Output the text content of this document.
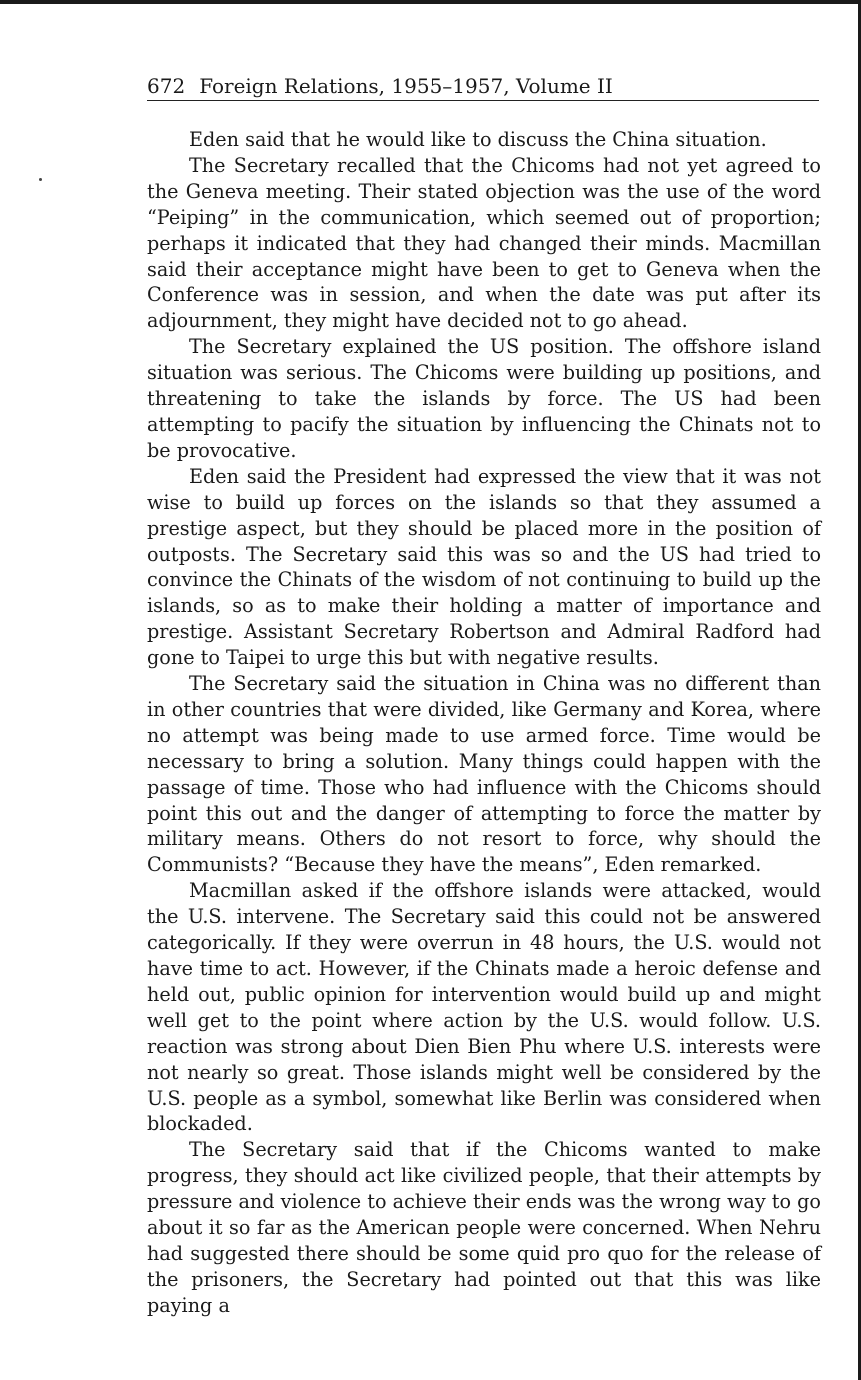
672 Foreign Relations, 1955–1957, Volume II

Eden said that he would like to discuss the China situation.

The Secretary recalled that the Chicoms had not yet agreed to the Geneva meeting. Their stated objection was the use of the word “Peiping” in the communication, which seemed out of proportion; perhaps it indicated that they had changed their minds. Macmillan said their acceptance might have been to get to Geneva when the Conference was in session, and when the date was put after its adjournment, they might have decided not to go ahead.

The Secretary explained the US position. The offshore island situation was serious. The Chicoms were building up positions, and threatening to take the islands by force. The US had been attempting to pacify the situation by influencing the Chinats not to be provocative.

Eden said the President had expressed the view that it was not wise to build up forces on the islands so that they assumed a prestige aspect, but they should be placed more in the position of outposts. The Secretary said this was so and the US had tried to convince the Chinats of the wisdom of not continuing to build up the islands, so as to make their holding a matter of importance and prestige. Assistant Secretary Robertson and Admiral Radford had gone to Taipei to urge this but with negative results.

The Secretary said the situation in China was no different than in other countries that were divided, like Germany and Korea, where no attempt was being made to use armed force. Time would be necessary to bring a solution. Many things could happen with the passage of time. Those who had influence with the Chicoms should point this out and the danger of attempting to force the matter by military means. Others do not resort to force, why should the Communists? “Because they have the means”, Eden remarked.

Macmillan asked if the offshore islands were attacked, would the U.S. intervene. The Secretary said this could not be answered categorically. If they were overrun in 48 hours, the U.S. would not have time to act. However, if the Chinats made a heroic defense and held out, public opinion for intervention would build up and might well get to the point where action by the U.S. would follow. U.S. reaction was strong about Dien Bien Phu where U.S. interests were not nearly so great. Those islands might well be considered by the U.S. people as a symbol, somewhat like Berlin was considered when blockaded.

The Secretary said that if the Chicoms wanted to make progress, they should act like civilized people, that their attempts by pressure and violence to achieve their ends was the wrong way to go about it so far as the American people were concerned. When Nehru had suggested there should be some quid pro quo for the release of the prisoners, the Secretary had pointed out that this was like paying a
